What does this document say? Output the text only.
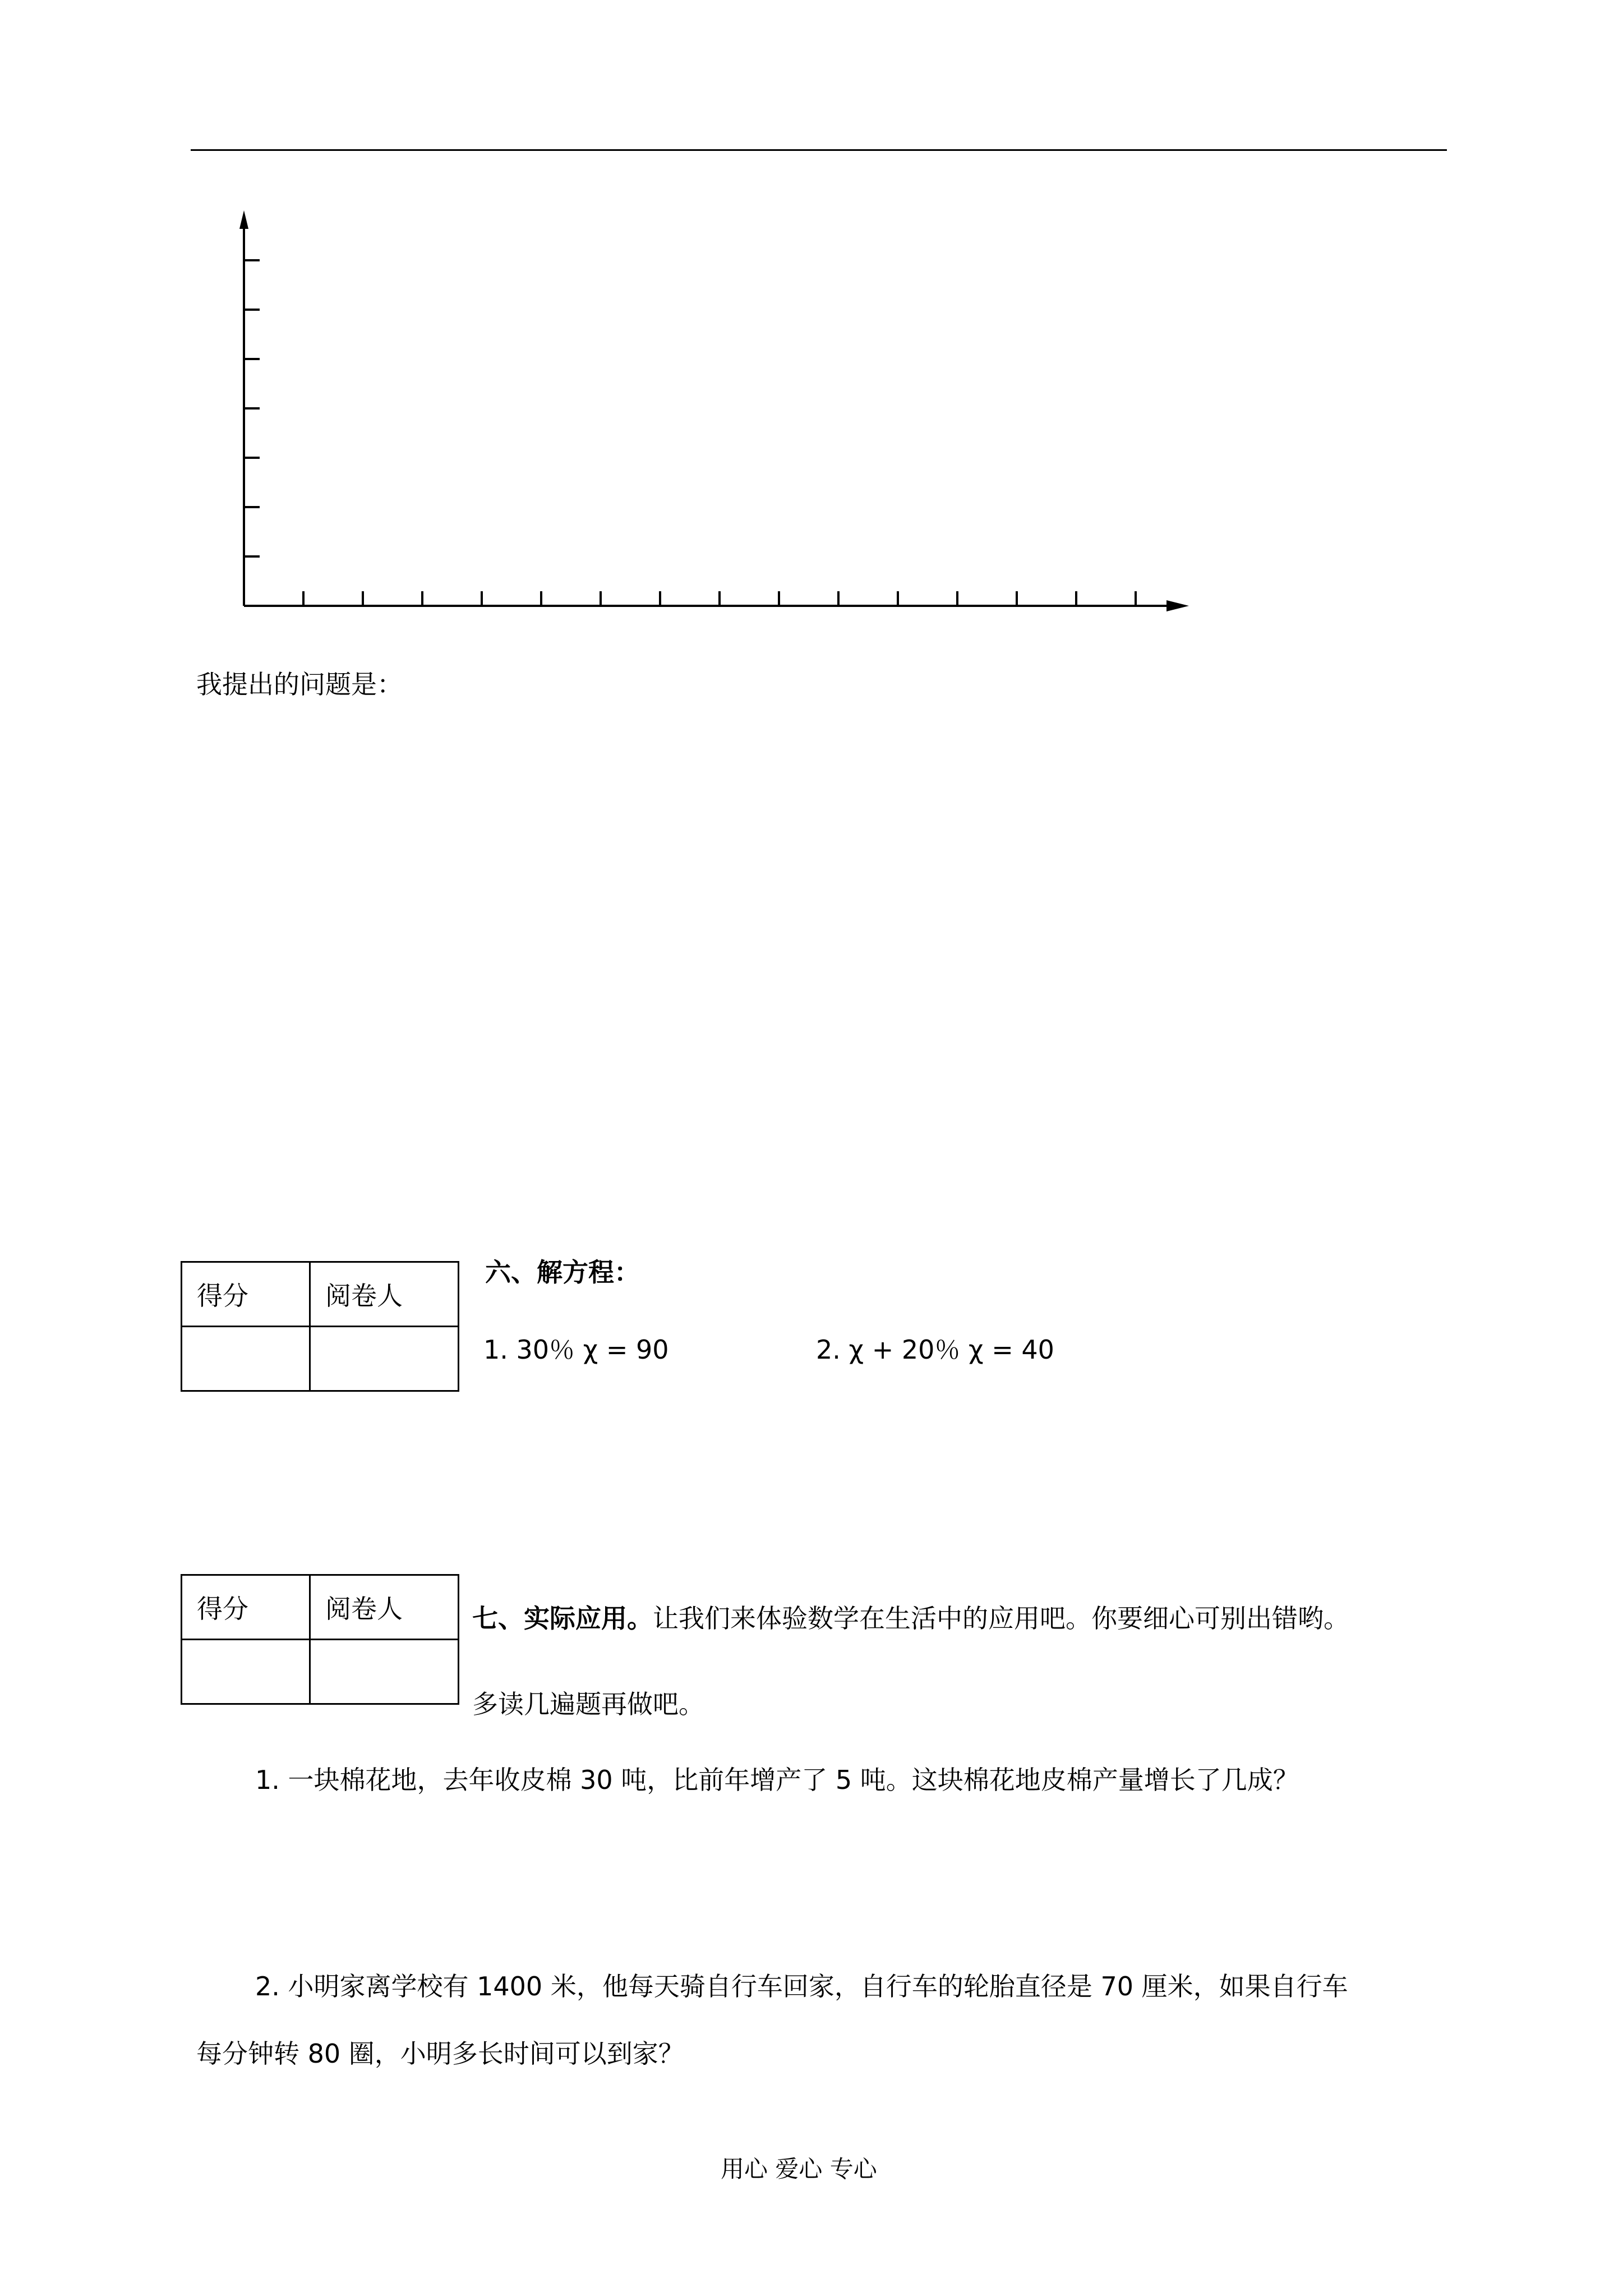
我提出的问题是：
得分	阅卷人

六、解方程：
1. 30％ χ = 90	2. χ + 20％ χ = 40
得分	阅卷人
		七、实际应用。让我们来体验数学在生活中的应用吧。你要细心可别出错哟。
多读几遍题再做吧。
1. 一块棉花地，去年收皮棉 30 吨，比前年增产了 5 吨。这块棉花地皮棉产量增长了几成？
2. 小明家离学校有 1400 米，他每天骑自行车回家，自行车的轮胎直径是 70 厘米，如果自行车
每分钟转 80 圈，小明多长时间可以到家？
用心 爱心 专心
